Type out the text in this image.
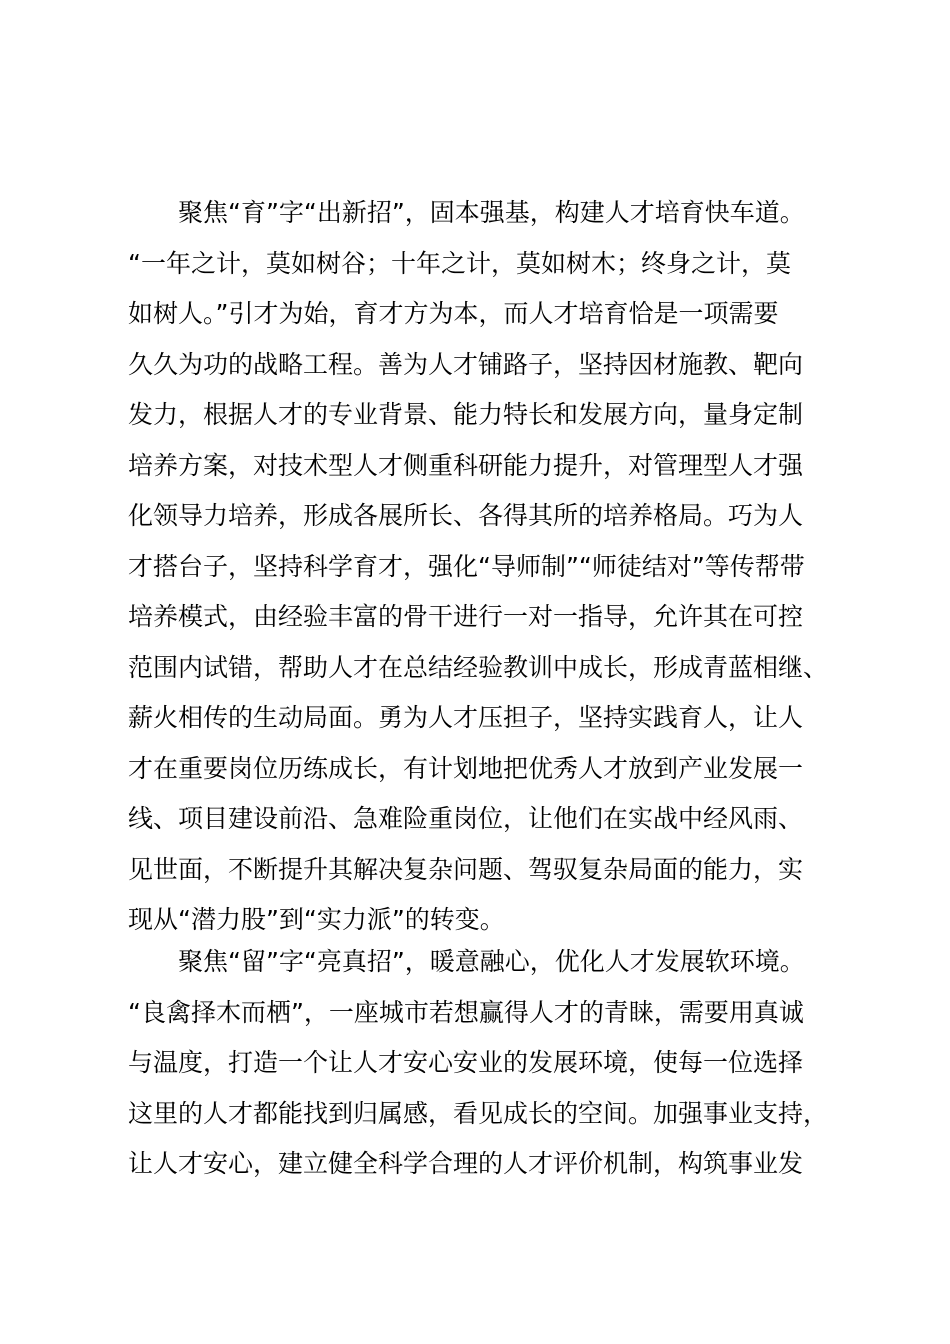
聚焦“育”字“出新招”，固本强基，构建人才培育快车道。
“一年之计，莫如树谷；十年之计，莫如树木；终身之计，莫
如树人。”引才为始，育才方为本，而人才培育恰是一项需要
久久为功的战略工程。善为人才铺路子，坚持因材施教、靶向
发力，根据人才的专业背景、能力特长和发展方向，量身定制
培养方案，对技术型人才侧重科研能力提升，对管理型人才强
化领导力培养，形成各展所长、各得其所的培养格局。巧为人
才搭台子，坚持科学育才，强化“导师制”“师徒结对”等传帮带
培养模式，由经验丰富的骨干进行一对一指导，允许其在可控
范围内试错，帮助人才在总结经验教训中成长，形成青蓝相继、
薪火相传的生动局面。勇为人才压担子，坚持实践育人，让人
才在重要岗位历练成长，有计划地把优秀人才放到产业发展一
线、项目建设前沿、急难险重岗位，让他们在实战中经风雨、
见世面，不断提升其解决复杂问题、驾驭复杂局面的能力，实
现从“潜力股”到“实力派”的转变。
聚焦“留”字“亮真招”，暖意融心，优化人才发展软环境。
“良禽择木而栖”，一座城市若想赢得人才的青睐，需要用真诚
与温度，打造一个让人才安心安业的发展环境，使每一位选择
这里的人才都能找到归属感，看见成长的空间。加强事业支持，
让人才安心，建立健全科学合理的人才评价机制，构筑事业发
